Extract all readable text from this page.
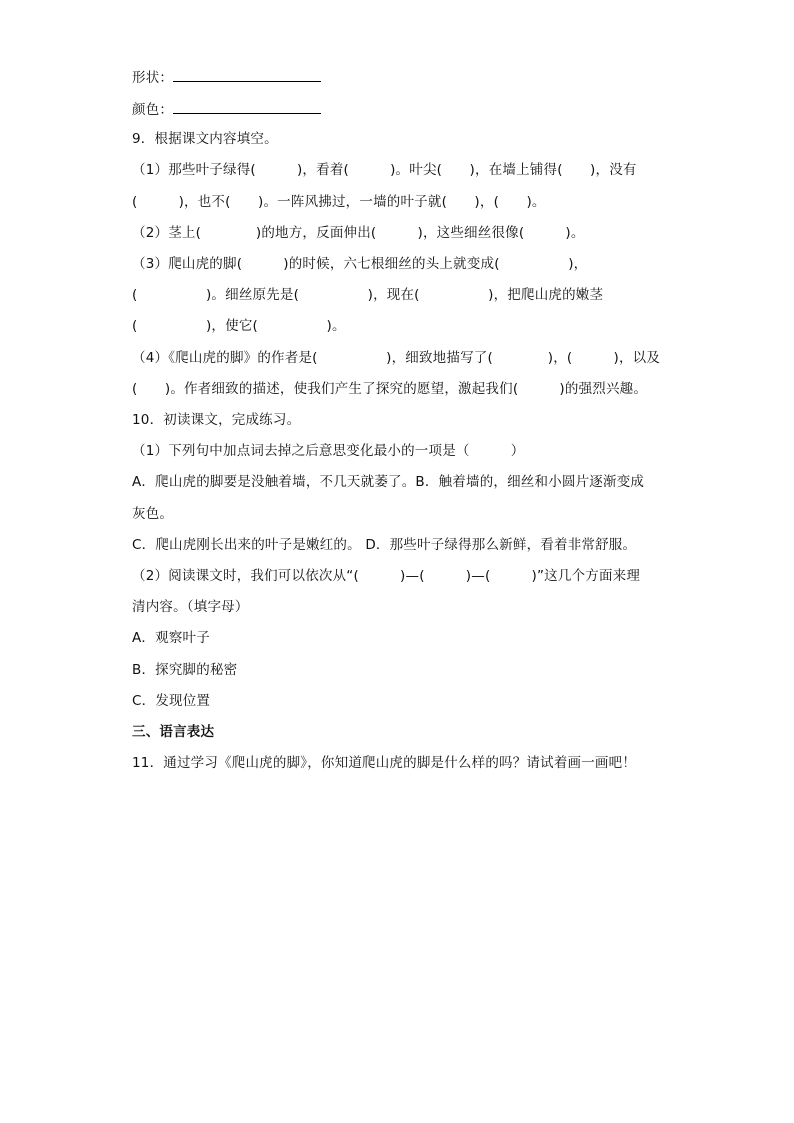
形状：
颜色：
9．根据课文内容填空。
（1）那些叶子绿得(　　　)，看着(　　　)。叶尖(　　)，在墙上铺得(　　)，没有
(　　　)，也不(　　)。一阵风拂过，一墙的叶子就(　　)，(　　)。
（2）茎上(　　　　)的地方，反面伸出(　　　)，这些细丝很像(　　　)。
（3）爬山虎的脚(　　　)的时候，六七根细丝的头上就变成(　　　　　)，
(　　　　　)。细丝原先是(　　　　　)，现在(　　　　　)，把爬山虎的嫩茎
(　　　　　)，使它(　　　　　)。
（4）《爬山虎的脚》的作者是(　　　　　)，细致地描写了(　　　　)，(　　　)，以及
(　　)。作者细致的描述，使我们产生了探究的愿望，激起我们(　　　)的强烈兴趣。
10．初读课文，完成练习。
（1）下列句中加点词去掉之后意思变化最小的一项是（　　　）
A．爬山虎的脚要是没触着墙，不几天就萎了。B．触着墙的，细丝和小圆片逐渐变成
灰色。
C．爬山虎刚长出来的叶子是嫩红的。 D．那些叶子绿得那么新鲜，看着非常舒服。
（2）阅读课文时，我们可以依次从“(　　　)—(　　　)—(　　　)”这几个方面来理
清内容。（填字母）
A．观察叶子
B．探究脚的秘密
C．发现位置
三、语言表达
11．通过学习《爬山虎的脚》，你知道爬山虎的脚是什么样的吗？请试着画一画吧！
